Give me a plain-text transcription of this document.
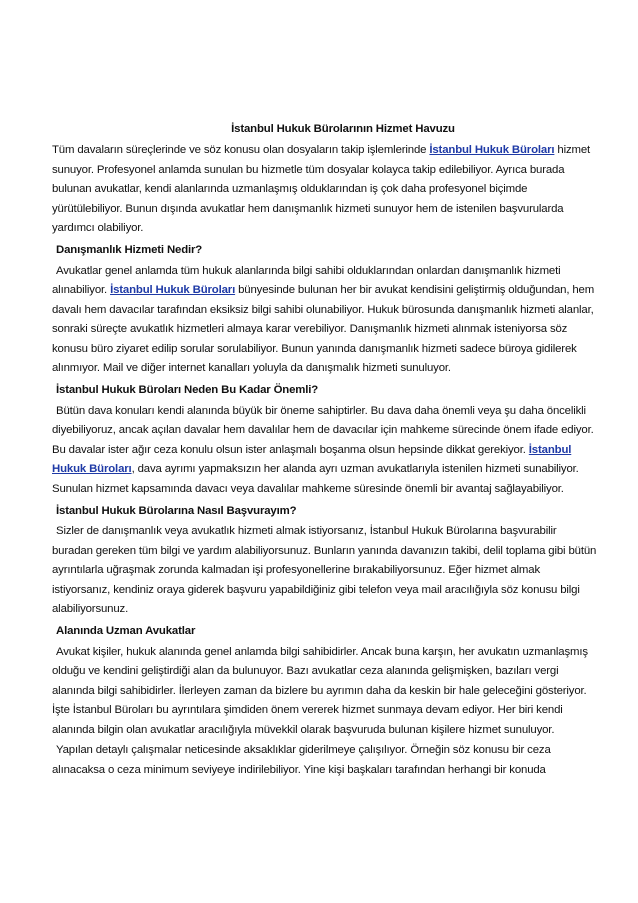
İstanbul Hukuk Bürolarının Hizmet Havuzu

Tüm davaların süreçlerinde ve söz konusu olan dosyaların takip işlemlerinde İstanbul Hukuk Büroları hizmet sunuyor. Profesyonel anlamda sunulan bu hizmetle tüm dosyalar kolayca takip edilebiliyor. Ayrıca burada bulunan avukatlar, kendi alanlarında uzmanlaşmış olduklarından iş çok daha profesyonel biçimde yürütülebiliyor. Bunun dışında avukatlar hem danışmanlık hizmeti sunuyor hem de istenilen başvurularda yardımcı olabiliyor.

Danışmanlık Hizmeti Nedir?

Avukatlar genel anlamda tüm hukuk alanlarında bilgi sahibi olduklarından onlardan danışmanlık hizmeti alınabiliyor. İstanbul Hukuk Büroları bünyesinde bulunan her bir avukat kendisini geliştirmiş olduğundan, hem davalı hem davacılar tarafından eksiksiz bilgi sahibi olunabiliyor. Hukuk bürosunda danışmanlık hizmeti alanlar, sonraki süreçte avukatlık hizmetleri almaya karar verebiliyor. Danışmanlık hizmeti alınmak isteniyorsa söz konusu büro ziyaret edilip sorular sorulabiliyor. Bunun yanında danışmanlık hizmeti sadece büroya gidilerek alınmıyor. Mail ve diğer internet kanalları yoluyla da danışmalık hizmeti sunuluyor.

İstanbul Hukuk Büroları Neden Bu Kadar Önemli?

Bütün dava konuları kendi alanında büyük bir öneme sahiptirler. Bu dava daha önemli veya şu daha öncelikli diyebiliyoruz, ancak açılan davalar hem davalılar hem de davacılar için mahkeme sürecinde önem ifade ediyor. Bu davalar ister ağır ceza konulu olsun ister anlaşmalı boşanma olsun hepsinde dikkat gerekiyor. İstanbul Hukuk Büroları, dava ayrımı yapmaksızın her alanda ayrı uzman avukatlarıyla istenilen hizmeti sunabiliyor. Sunulan hizmet kapsamında davacı veya davalılar mahkeme süresinde önemli bir avantaj sağlayabiliyor.

İstanbul Hukuk Bürolarına Nasıl Başvurayım?

Sizler de danışmanlık veya avukatlık hizmeti almak istiyorsanız, İstanbul Hukuk Bürolarına başvurabilir buradan gereken tüm bilgi ve yardım alabiliyorsunuz. Bunların yanında davanızın takibi, delil toplama gibi bütün ayrıntılarla uğraşmak zorunda kalmadan işi profesyonellerine bırakabiliyorsunuz. Eğer hizmet almak istiyorsanız, kendiniz oraya giderek başvuru yapabildiğiniz gibi telefon veya mail aracılığıyla söz konusu bilgi alabiliyorsunuz.

Alanında Uzman Avukatlar

Avukat kişiler, hukuk alanında genel anlamda bilgi sahibidirler. Ancak buna karşın, her avukatın uzmanlaşmış olduğu ve kendini geliştirdiği alan da bulunuyor. Bazı avukatlar ceza alanında gelişmişken, bazıları vergi alanında bilgi sahibidirler. İlerleyen zaman da bizlere bu ayrımın daha da keskin bir hale geleceğini gösteriyor. İşte İstanbul Büroları bu ayrıntılara şimdiden önem vererek hizmet sunmaya devam ediyor. Her biri kendi alanında bilgin olan avukatlar aracılığıyla müvekkil olarak başvuruda bulunan kişilere hizmet sunuluyor.

Yapılan detaylı çalışmalar neticesinde aksaklıklar giderilmeye çalışılıyor. Örneğin söz konusu bir ceza alınacaksa o ceza minimum seviyeye indirilebiliyor. Yine kişi başkaları tarafından herhangi bir konuda
